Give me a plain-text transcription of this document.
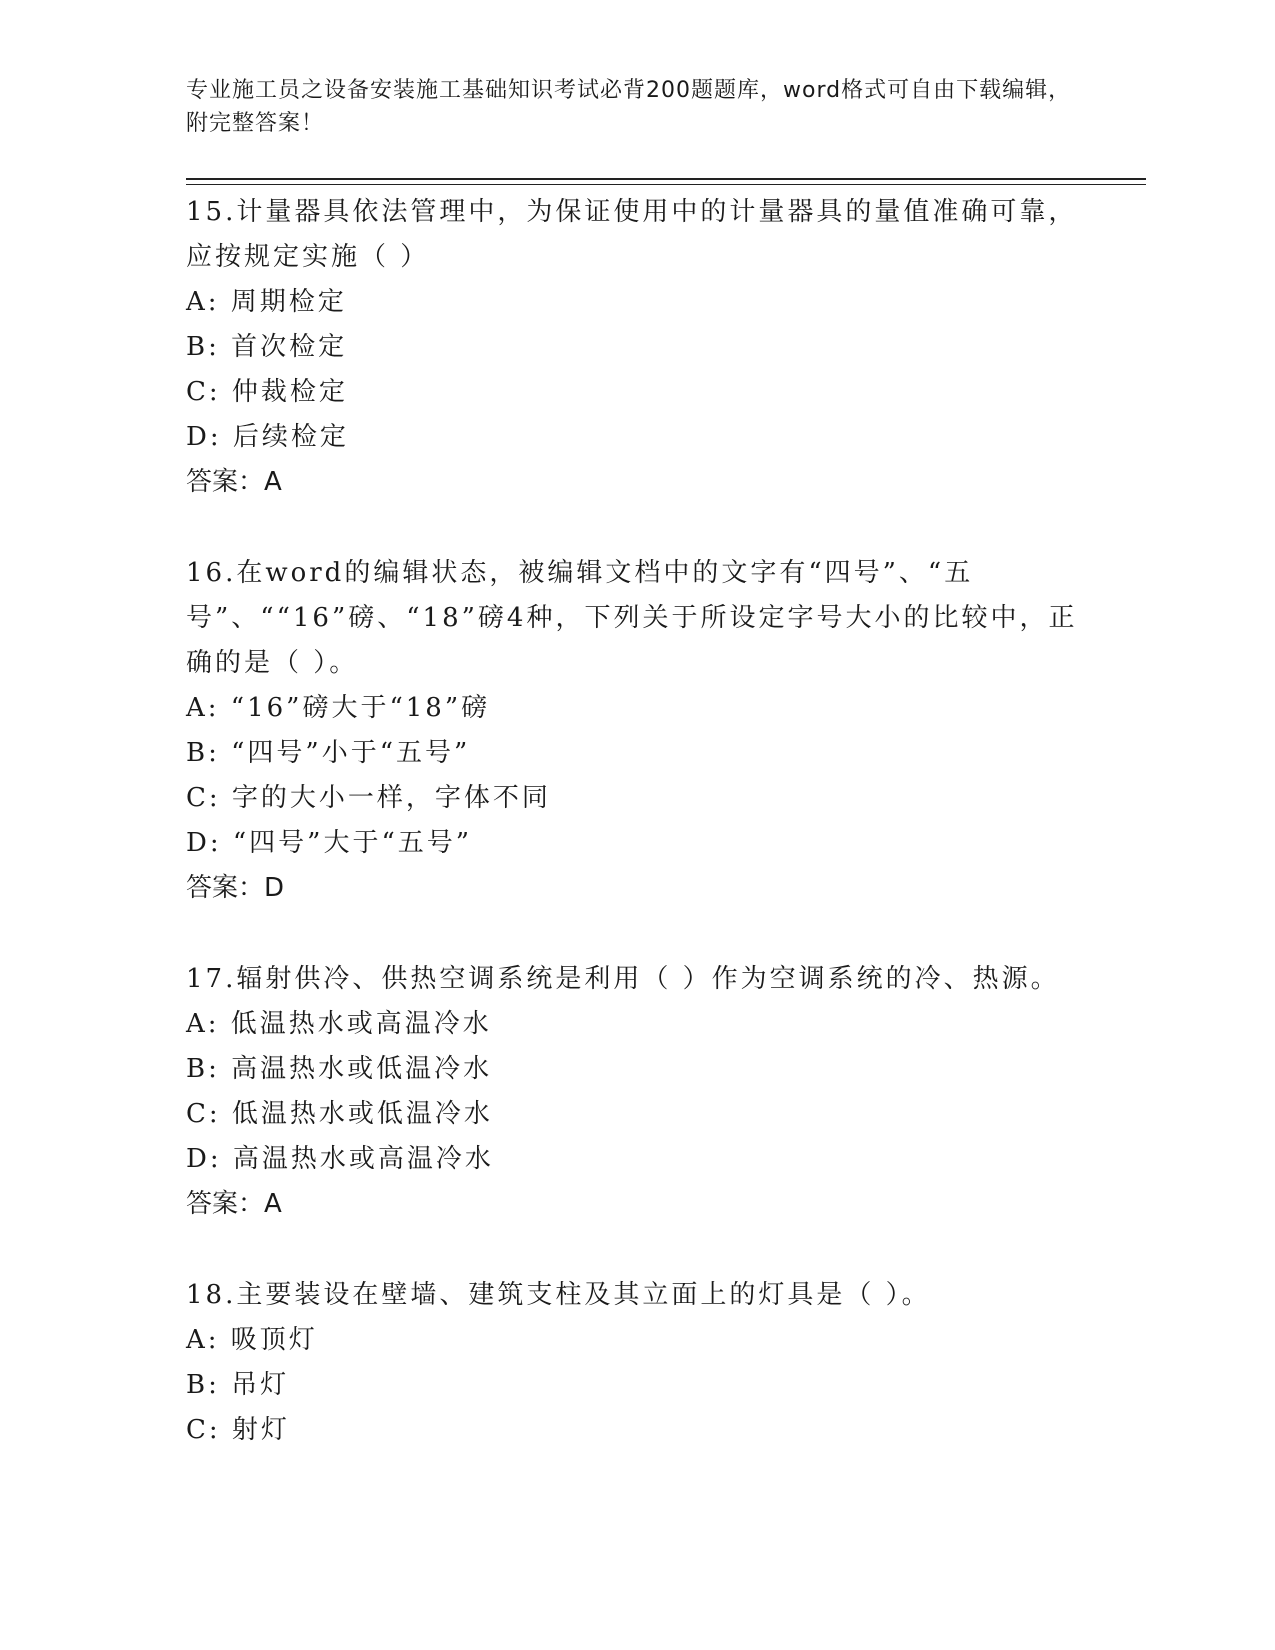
专业施工员之设备安装施工基础知识考试必背200题题库，word格式可自由下载编辑，附完整答案！

15.计量器具依法管理中，为保证使用中的计量器具的量值准确可靠，应按规定实施（ ）

A: 周期检定

B: 首次检定

C: 仲裁检定

D: 后续检定

答案：A

16.在word的编辑状态，被编辑文档中的文字有“四号”、“五号”、““16”磅、“18”磅4种，下列关于所设定字号大小的比较中，正确的是（ ）。

A: “16”磅大于“18”磅

B: “四号”小于“五号”

C: 字的大小一样，字体不同

D: “四号”大于“五号”

答案：D

17.辐射供冷、供热空调系统是利用（ ）作为空调系统的冷、热源。

A: 低温热水或高温冷水

B: 高温热水或低温冷水

C: 低温热水或低温冷水

D: 高温热水或高温冷水

答案：A

18.主要装设在壁墙、建筑支柱及其立面上的灯具是（ ）。

A: 吸顶灯

B: 吊灯

C: 射灯
